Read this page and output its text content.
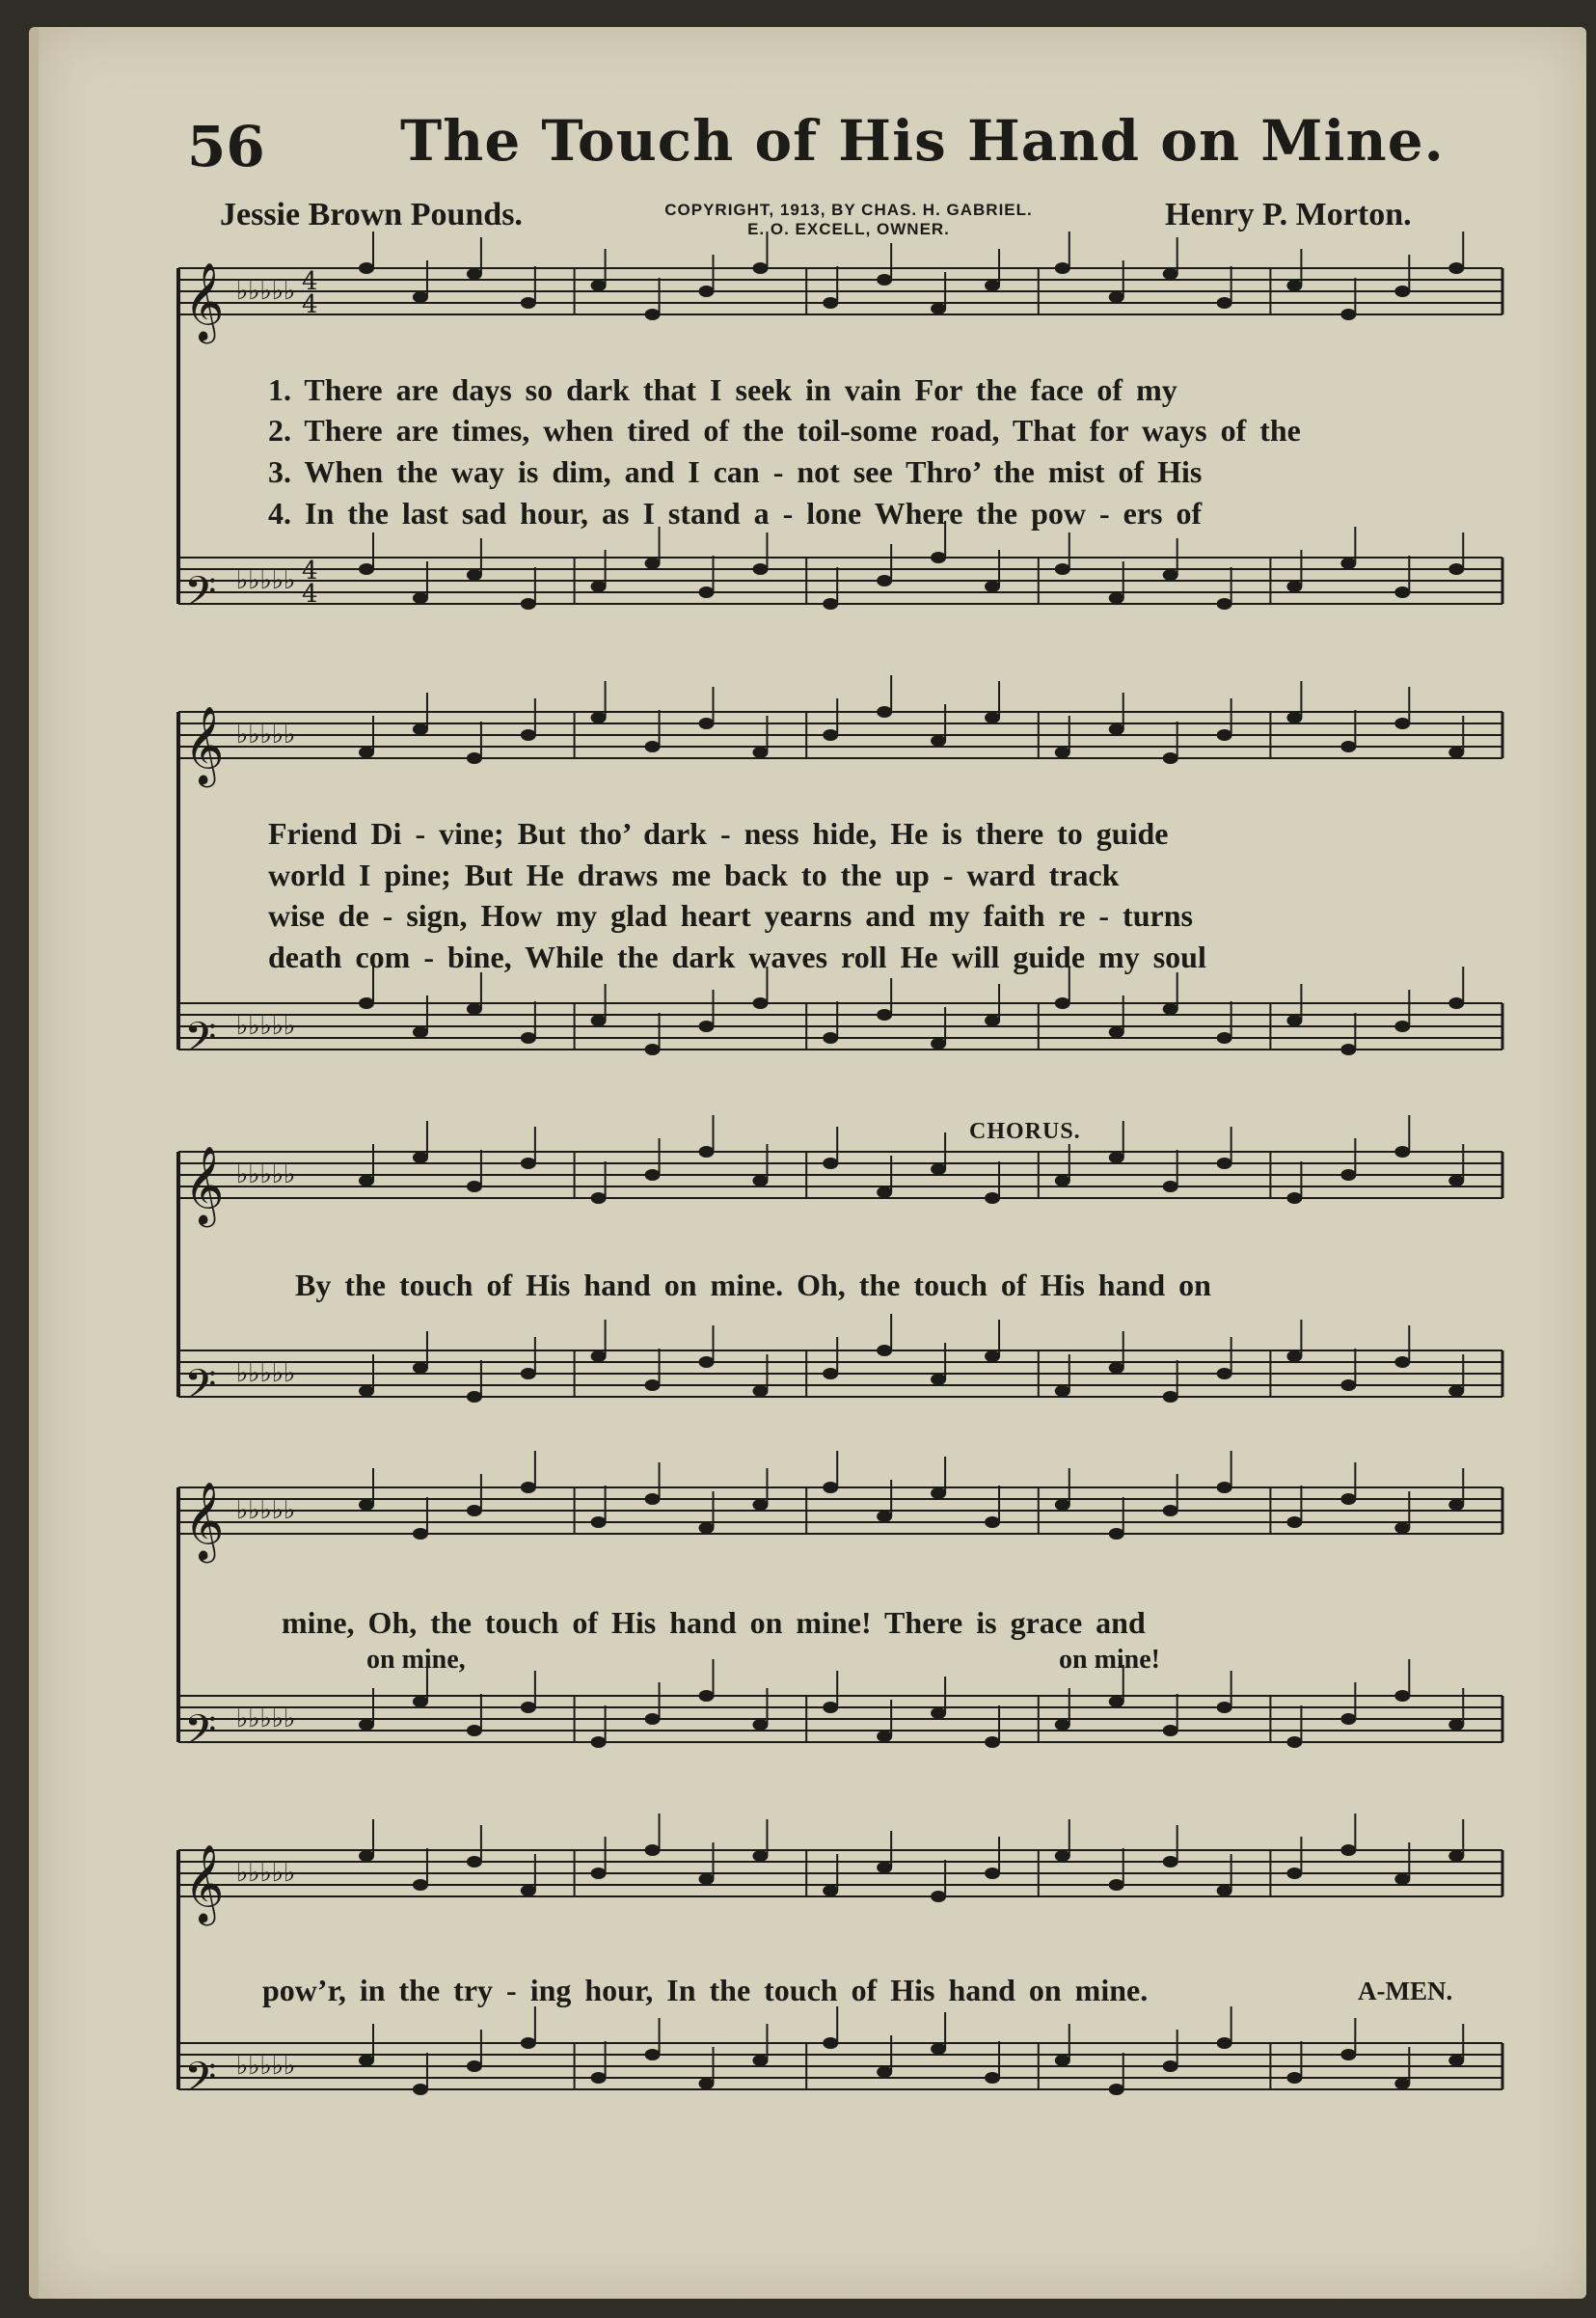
56 The Touch of His Hand on Mine.
Jessie Brown Pounds.	COPYRIGHT, 1913, BY CHAS. H. GABRIEL.
E. O. EXCELL, OWNER.	Henry P. Morton.
𝄞 ♭♭♭♭♭
𝄢 ♭♭♭♭♭
𝄞 ♭♭♭♭♭
𝄢 ♭♭♭♭♭
𝄞 ♭♭♭♭♭
𝄢 ♭♭♭♭♭
𝄞 ♭♭♭♭♭
𝄢 ♭♭♭♭♭
𝄞 ♭♭♭♭♭
𝄢 ♭♭♭♭♭
4
4
4
4
1. There are days so dark that I seek in vain For the face of my
2. There are times, when tired of the toil-some road, That for ways of the
3. When the way is dim, and I can - not see Thro’ the mist of His
4. In the last sad hour, as I stand a - lone Where the pow - ers of
Friend Di - vine; But tho’ dark - ness hide, He is there to guide
world I pine; But He draws me back to the up - ward track
wise de - sign, How my glad heart yearns and my faith re - turns
death com - bine, While the dark waves roll He will guide my soul
CHORUS.
By the touch of His hand on mine. Oh, the touch of His hand on
mine, Oh, the touch of His hand on mine! There is grace and
on mine,	on mine!
pow’r, in the try - ing hour, In the touch of His hand on mine.	A-MEN.
